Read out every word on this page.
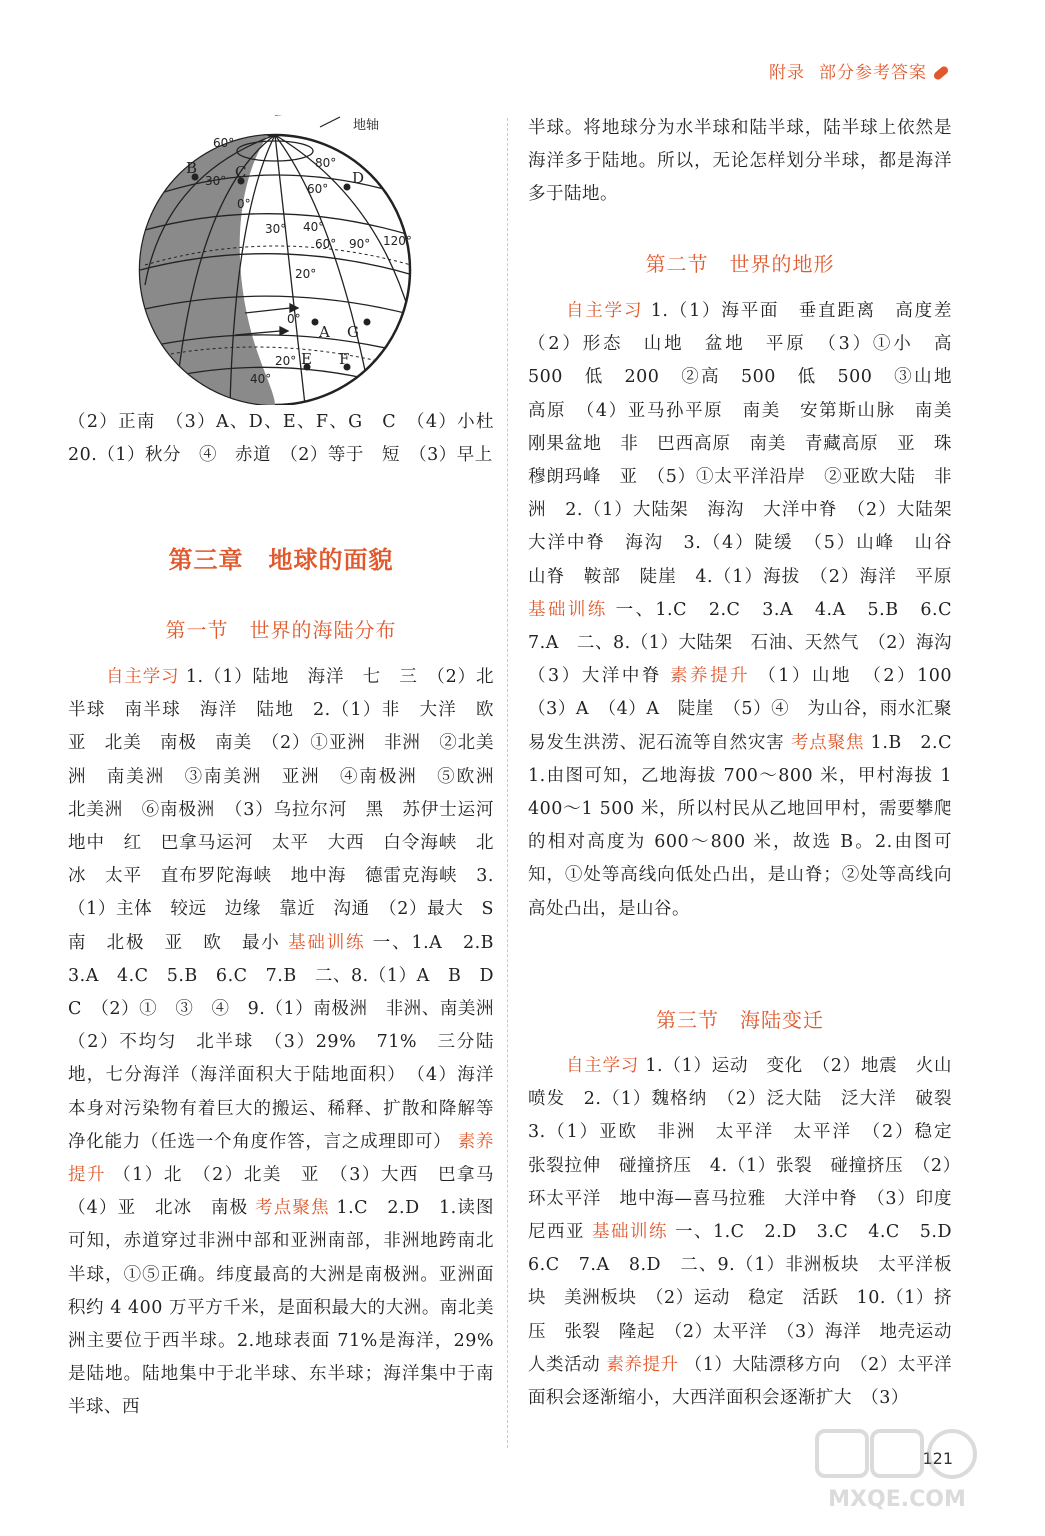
附录 部分参考答案
地轴
60°
30°
0°
80°
60°
40°
30°
20°
0°
20°
40°
60° 90° 120°
B	C	D
A G
E F
（2）正南　（3）A、D、E、F、G　C　（4）小杜　20.（1）秋分　④　赤道　（2）等于　短　（3）早上
第三章　地球的面貌
第一节　世界的海陆分布
自主学习 1.（1）陆地　海洋　七　三　（2）北半球　南半球　海洋　陆地　2.（1）非　大洋　欧　亚　北美　南极　南美　（2）①亚洲　非洲　②北美洲　南美洲　③南美洲　亚洲　④南极洲　⑤欧洲　北美洲　⑥南极洲　（3）乌拉尔河　黑　苏伊士运河　地中　红　巴拿马运河　太平　大西　白令海峡　北冰　太平　直布罗陀海峡　地中海　德雷克海峡　3.（1）主体　较远　边缘　靠近　沟通　（2）最大　S　南　北极　亚　欧　最小 基础训练 一、1.A　2.B　3.A　4.C　5.B　6.C　7.B　二、8.（1）A　B　D　C　（2）①　③　④　9.（1）南极洲　非洲、南美洲　（2）不均匀　北半球　（3）29%　71%　三分陆地，七分海洋（海洋面积大于陆地面积）　（4）海洋本身对污染物有着巨大的搬运、稀释、扩散和降解等净化能力（任选一个角度作答，言之成理即可） 素养提升 （1）北　（2）北美　亚　（3）大西　巴拿马　（4）亚　北冰　南极 考点聚焦 1.C　2.D　1.读图可知，赤道穿过非洲中部和亚洲南部，非洲地跨南北半球，①⑤正确。纬度最高的大洲是南极洲。亚洲面积约 4 400 万平方千米，是面积最大的大洲。南北美洲主要位于西半球。2.地球表面 71%是海洋，29%是陆地。陆地集中于北半球、东半球；海洋集中于南半球、西
半球。将地球分为水半球和陆半球，陆半球上依然是海洋多于陆地。所以，无论怎样划分半球，都是海洋多于陆地。
第二节　世界的地形
自主学习 1.（1）海平面　垂直距离　高度差　（2）形态　山地　盆地　平原　（3）①小　高　500　低　200　②高　500　低　500　③山地　高原　（4）亚马孙平原　南美　安第斯山脉　南美　刚果盆地　非　巴西高原　南美　青藏高原　亚　珠穆朗玛峰　亚　（5）①太平洋沿岸　②亚欧大陆　非洲　2.（1）大陆架　海沟　大洋中脊　（2）大陆架　大洋中脊　海沟　3.（4）陡缓　（5）山峰　山谷　山脊　鞍部　陡崖　4.（1）海拔　（2）海洋　平原 基础训练 一、1.C　2.C　3.A　4.A　5.B　6.C　7.A　二、8.（1）大陆架　石油、天然气　（2）海沟　（3）大洋中脊 素养提升 （1）山地　（2）100　（3）A　（4）A　陡崖　（5）④　为山谷，雨水汇聚易发生洪涝、泥石流等自然灾害 考点聚焦 1.B　2.C　1.由图可知，乙地海拔 700～800 米，甲村海拔 1 400～1 500 米，所以村民从乙地回甲村，需要攀爬的相对高度为 600～800 米，故选 B。2.由图可知，①处等高线向低处凸出，是山脊；②处等高线向高处凸出，是山谷。
第三节　海陆变迁
自主学习 1.（1）运动　变化　（2）地震　火山喷发　2.（1）魏格纳　（2）泛大陆　泛大洋　破裂　3.（1）亚欧　非洲　太平洋　太平洋　（2）稳定　张裂拉伸　碰撞挤压　4.（1）张裂　碰撞挤压　（2）环太平洋　地中海—喜马拉雅　大洋中脊　（3）印度尼西亚 基础训练 一、1.C　2.D　3.C　4.C　5.D　6.C　7.A　8.D　二、9.（1）非洲板块　太平洋板块　美洲板块　（2）运动　稳定　活跃　10.（1）挤压　张裂　隆起　（2）太平洋　（3）海洋　地壳运动　人类活动 素养提升 （1）大陆漂移方向　（2）太平洋面积会逐渐缩小，大西洋面积会逐渐扩大　（3）
121
MXQE.COM
